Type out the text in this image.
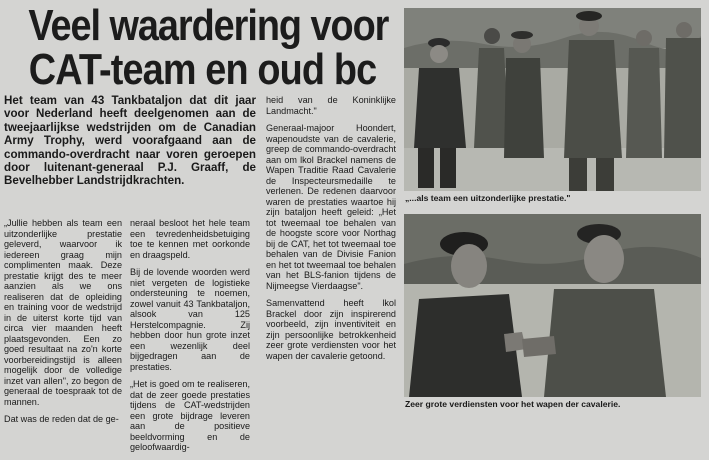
Veel waardering voor
CAT-team en oud bc
Het team van 43 Tankbataljon dat dit jaar voor Nederland heeft deelgenomen aan de tweejaarlijkse wedstrijden om de Canadian Army Trophy, werd voorafgaand aan de commando-overdracht naar voren geroepen door luitenant-generaal P.J. Graaff, de Bevelhebber Landstrijdkrachten.

„Jullie hebben als team een uitzonderlijke prestatie geleverd, waarvoor ik iedereen graag mijn complimenten maak. Deze prestatie krijgt des te meer aanzien als we ons realiseren dat de opleiding en training voor de wedstrijd in de uiterst korte tijd van circa vier maanden heeft plaatsgevonden. Een zo goed resultaat na zo'n korte voorbereidingstijd is alleen mogelijk door de volledige inzet van allen", zo begon de generaal de toespraak tot de mannen.

Dat was de reden dat de ge-

neraal besloot het hele team een tevredenheidsbetuiging toe te kennen met oorkonde en draagspeld.

Bij de lovende woorden werd niet vergeten de logistieke ondersteuning te noemen, zowel vanuit 43 Tankbataljon, alsook van 125 Herstelcompagnie. Zij hebben door hun grote inzet een wezenlijk deel bijgedragen aan de prestaties.

„Het is goed om te realiseren, dat de zeer goede prestaties tijdens de CAT-wedstrijden een grote bijdrage leveren aan de positieve beeldvorming en de geloofwaardig-

heid van de Koninklijke Landmacht."

Generaal-majoor Hoondert, wapenoudste van de cavalerie, greep de commando-overdracht aan om lkol Brackel namens de Wapen Traditie Raad Cavalerie de Inspecteursmedaille te verlenen. De redenen daarvoor waren de prestaties waartoe hij zijn bataljon heeft geleid: „Het tot tweemaal toe behalen van de hoogste score voor Northag bij de CAT, het tot tweemaal toe behalen van de Divisie Fanion en het tot tweemaal toe behalen van het BLS-fanion tijdens de Nijmeegse Vierdaagse".

Samenvattend heeft lkol Brackel door zijn inspirerend voorbeeld, zijn inventiviteit en zijn persoonlijke betrokkenheid zeer grote verdiensten voor het wapen der cavalerie getoond.

„...als team een uitzonderlijke prestatie."
Zeer grote verdiensten voor het wapen der cavalerie.
